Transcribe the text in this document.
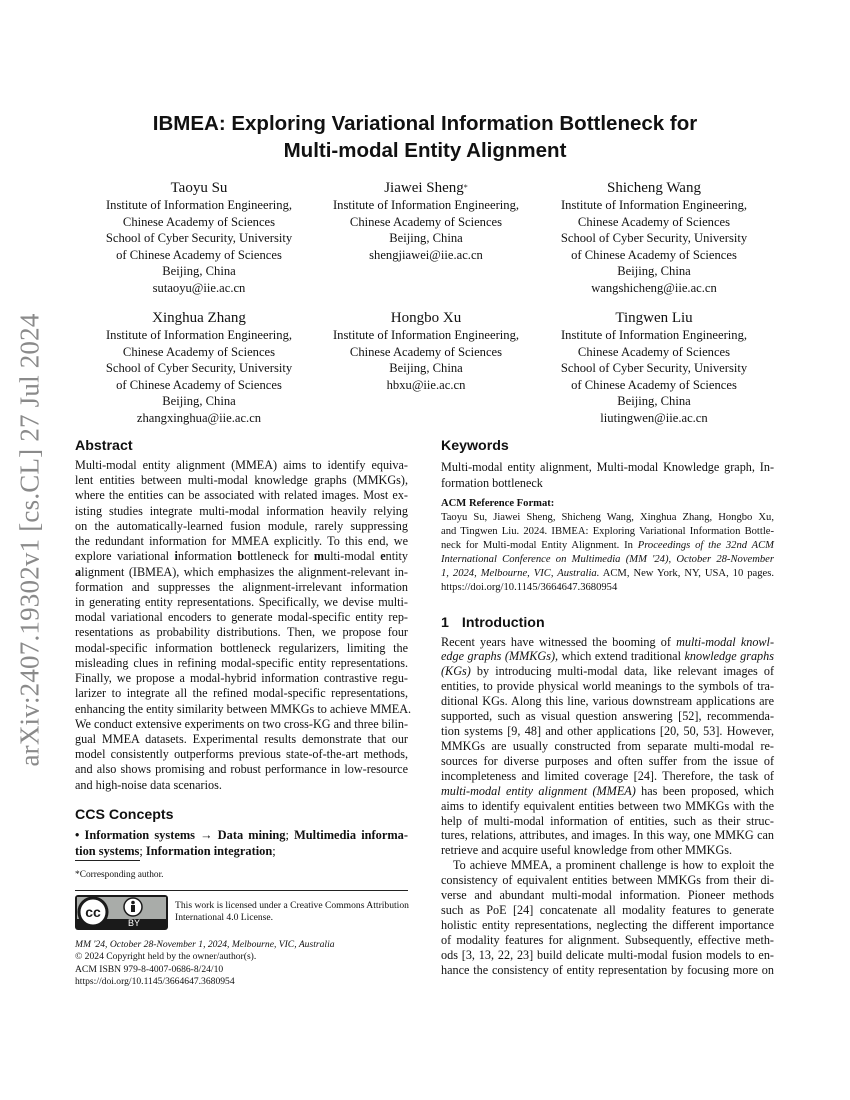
arXiv:2407.19302v1 [cs.CL] 27 Jul 2024
IBMEA: Exploring Variational Information Bottleneck for
Multi-modal Entity Alignment
Taoyu Su
Institute of Information Engineering,
Chinese Academy of Sciences
School of Cyber Security, University
of Chinese Academy of Sciences
Beijing, China
sutaoyu@iie.ac.cn
Jiawei Sheng*
Institute of Information Engineering,
Chinese Academy of Sciences
Beijing, China
shengjiawei@iie.ac.cn
Shicheng Wang
Institute of Information Engineering,
Chinese Academy of Sciences
School of Cyber Security, University
of Chinese Academy of Sciences
Beijing, China
wangshicheng@iie.ac.cn
Xinghua Zhang
Institute of Information Engineering,
Chinese Academy of Sciences
School of Cyber Security, University
of Chinese Academy of Sciences
Beijing, China
zhangxinghua@iie.ac.cn
Hongbo Xu
Institute of Information Engineering,
Chinese Academy of Sciences
Beijing, China
hbxu@iie.ac.cn
Tingwen Liu
Institute of Information Engineering,
Chinese Academy of Sciences
School of Cyber Security, University
of Chinese Academy of Sciences
Beijing, China
liutingwen@iie.ac.cn
Abstract
Multi-modal entity alignment (MMEA) aims to identify equiva-
lent entities between multi-modal knowledge graphs (MMKGs),
where the entities can be associated with related images. Most ex-
isting studies integrate multi-modal information heavily relying
on the automatically-learned fusion module, rarely suppressing
the redundant information for MMEA explicitly. To this end, we
explore variational information bottleneck for multi-modal entity
alignment (IBMEA), which emphasizes the alignment-relevant in-
formation and suppresses the alignment-irrelevant information
in generating entity representations. Specifically, we devise multi-
modal variational encoders to generate modal-specific entity rep-
resentations as probability distributions. Then, we propose four
modal-specific information bottleneck regularizers, limiting the
misleading clues in refining modal-specific entity representations.
Finally, we propose a modal-hybrid information contrastive regu-
larizer to integrate all the refined modal-specific representations,
enhancing the entity similarity between MMKGs to achieve MMEA.
We conduct extensive experiments on two cross-KG and three bilin-
gual MMEA datasets. Experimental results demonstrate that our
model consistently outperforms previous state-of-the-art methods,
and also shows promising and robust performance in low-resource
and high-noise data scenarios.
CCS Concepts
• Information systems → Data mining; Multimedia informa-
tion systems; Information integration;
*Corresponding author.
cc
BY
This work is licensed under a Creative Commons Attribution
International 4.0 License.
MM '24, October 28-November 1, 2024, Melbourne, VIC, Australia
© 2024 Copyright held by the owner/author(s).
ACM ISBN 979-8-4007-0686-8/24/10
https://doi.org/10.1145/3664647.3680954
Keywords
Multi-modal entity alignment, Multi-modal Knowledge graph, In-
formation bottleneck
ACM Reference Format:
Taoyu Su, Jiawei Sheng, Shicheng Wang, Xinghua Zhang, Hongbo Xu,
and Tingwen Liu. 2024. IBMEA: Exploring Variational Information Bottle-
neck for Multi-modal Entity Alignment. In Proceedings of the 32nd ACM
International Conference on Multimedia (MM '24), October 28-November
1, 2024, Melbourne, VIC, Australia. ACM, New York, NY, USA, 10 pages.
https://doi.org/10.1145/3664647.3680954
1 Introduction
Recent years have witnessed the booming of multi-modal knowl-
edge graphs (MMKGs), which extend traditional knowledge graphs
(KGs) by introducing multi-modal data, like relevant images of
entities, to provide physical world meanings to the symbols of tra-
ditional KGs. Along this line, various downstream applications are
supported, such as visual question answering [52], recommenda-
tion systems [9, 48] and other applications [20, 50, 53]. However,
MMKGs are usually constructed from separate multi-modal re-
sources for diverse purposes and often suffer from the issue of
incompleteness and limited coverage [24]. Therefore, the task of
multi-modal entity alignment (MMEA) has been proposed, which
aims to identify equivalent entities between two MMKGs with the
help of multi-modal information of entities, such as their struc-
tures, relations, attributes, and images. In this way, one MMKG can
retrieve and acquire useful knowledge from other MMKGs.
To achieve MMEA, a prominent challenge is how to exploit the
consistency of equivalent entities between MMKGs from their di-
verse and abundant multi-modal information. Pioneer methods
such as PoE [24] concatenate all modality features to generate
holistic entity representations, neglecting the different importance
of modality features for alignment. Subsequently, effective meth-
ods [3, 13, 22, 23] build delicate multi-modal fusion models to en-
hance the consistency of entity representation by focusing more on
